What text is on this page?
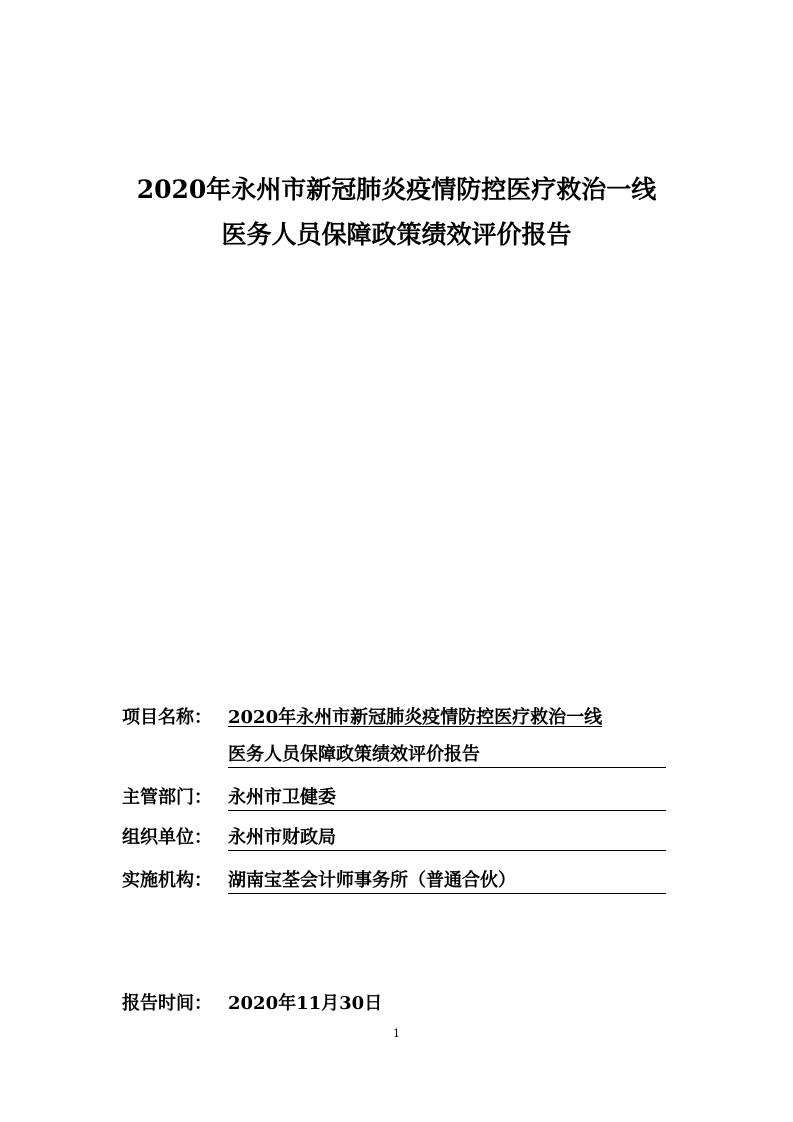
2020年永州市新冠肺炎疫情防控医疗救治一线
医务人员保障政策绩效评价报告
项目名称： 2020年永州市新冠肺炎疫情防控医疗救治一线
医务人员保障政策绩效评价报告
主管部门： 永州市卫健委
组织单位： 永州市财政局
实施机构： 湖南宝荃会计师事务所（普通合伙）
报告时间： 2020年11月30日
1
